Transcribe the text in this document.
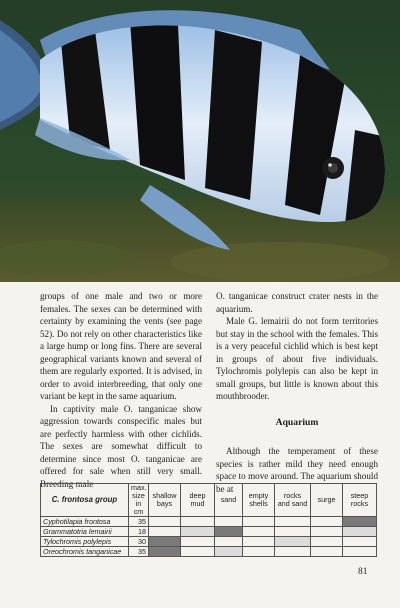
groups of one male and two or more females. The sexes can be determined with certainty by examining the vents (see page 52). Do not rely on other characteristics like a large hump or long fins. There are several geographical variants known and several of them are regularly exported. It is advised, in order to avoid interbreeding, that only one variant be kept in the same aquarium.

In captivity male O. tanganicae show aggression towards conspecific males but are perfectly harmless with other cichlids. The sexes are somewhat difficult to determine since most O. tanganicae are offered for sale when still very small. Breeding male

O. tanganicae construct crater nests in the aquarium.

Male G. lemairii do not form territories but stay in the school with the females. This is a very peaceful cichlid which is best kept in groups of about five individuals. Tylochromis polylepis can also be kept in small groups, but little is known about this mouthbrooder.

Aquarium

Although the temperament of these species is rather mild they need enough space to move around. The aquarium should be at

C. frontosa group	max. size in cm	shallow bays	deep mud	sand	empty shells	rocks and sand	surge	steep rocks
Cyphotilapia frontosa	35							
Grammatotria lemairii	18							
Tylochromis polylepis	30							
Oreochromis tanganicae	35							
81
